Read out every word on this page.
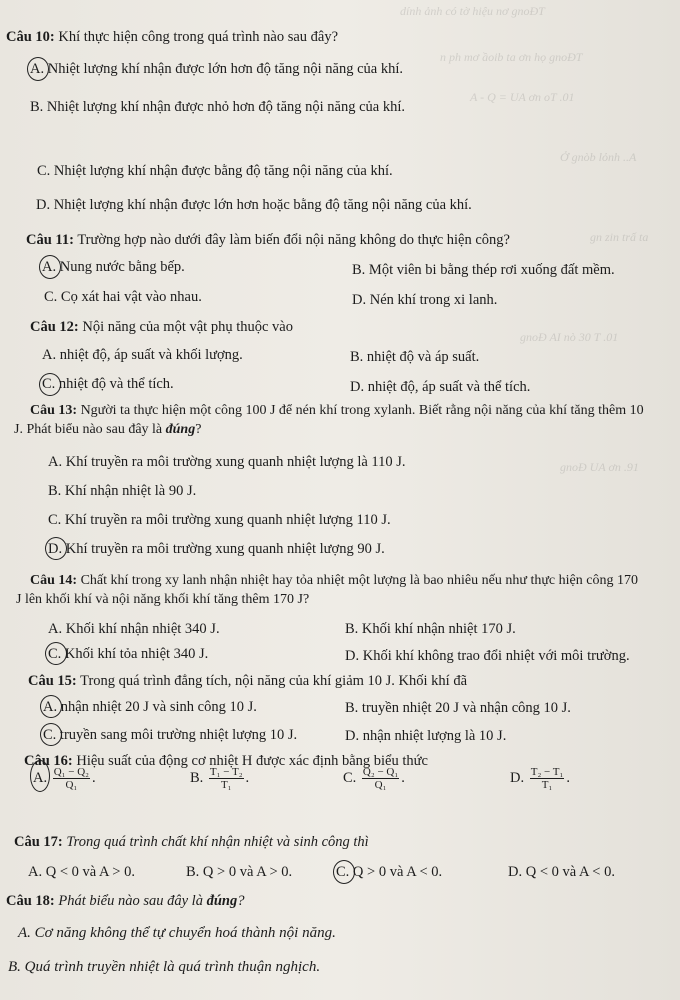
dính ảnh có tờ hiệu nơ gnoĐT
n ph mơ ầoib ta ơn họ gnoĐT
A - Q = UA ơn oT .01
Ở gnòb lỏnh ..A
gn zin trấ ta
gnoĐ AI nò 30 T .01
gnoĐ UA ơn .91
Câu 10: Khí thực hiện công trong quá trình nào sau đây?
A. Nhiệt lượng khí nhận được lớn hơn độ tăng nội năng của khí.
B. Nhiệt lượng khí nhận được nhỏ hơn độ tăng nội năng của khí.
C. Nhiệt lượng khí nhận được bằng độ tăng nội năng của khí.
D. Nhiệt lượng khí nhận được lớn hơn hoặc bằng độ tăng nội năng của khí.
Câu 11: Trường hợp nào dưới đây làm biến đổi nội năng không do thực hiện công?
A. Nung nước bằng bếp.	B. Một viên bi bằng thép rơi xuống đất mềm.
C. Cọ xát hai vật vào nhau.	D. Nén khí trong xi lanh.
Câu 12: Nội năng của một vật phụ thuộc vào
A. nhiệt độ, áp suất và khối lượng.	B. nhiệt độ và áp suất.
C. nhiệt độ và thể tích.	D. nhiệt độ, áp suất và thể tích.
Câu 13: Người ta thực hiện một công 100 J để nén khí trong xylanh. Biết rằng nội năng của khí tăng thêm 10
J. Phát biểu nào sau đây là đúng?
A. Khí truyền ra môi trường xung quanh nhiệt lượng là 110 J.
B. Khí nhận nhiệt là 90 J.
C. Khí truyền ra môi trường xung quanh nhiệt lượng 110 J.
D. Khí truyền ra môi trường xung quanh nhiệt lượng 90 J.
Câu 14: Chất khí trong xy lanh nhận nhiệt hay tỏa nhiệt một lượng là bao nhiêu nếu như thực hiện công 170
J lên khối khí và nội năng khối khí tăng thêm 170 J?
A. Khối khí nhận nhiệt 340 J.	B. Khối khí nhận nhiệt 170 J.
C. Khối khí tỏa nhiệt 340 J.	D. Khối khí không trao đổi nhiệt với môi trường.
Câu 15: Trong quá trình đẳng tích, nội năng của khí giảm 10 J. Khối khí đã
A. nhận nhiệt 20 J và sinh công 10 J.	B. truyền nhiệt 20 J và nhận công 10 J.
C. truyền sang môi trường nhiệt lượng 10 J.	D. nhận nhiệt lượng là 10 J.
Câu 16: Hiệu suất của động cơ nhiệt H được xác định bằng biểu thức
A. $\frac{\text{Q₁ − Q₂}}{\text{Q₁}}$ .	B. $\frac{\text{T₁ − T₂}}{\text{T₁}}$ .	C. $\frac{\text{Q₂ − Q₁}}{\text{Q₁}}$ .	D. $\frac{\text{T₂ − T₁}}{\text{T₁}}$ .
Câu 17: Trong quá trình chất khí nhận nhiệt và sinh công thì
A. Q < 0 và A > 0.	B. Q > 0 và A > 0.	C. Q > 0 và A < 0.	D. Q < 0 và A < 0.
Câu 18: Phát biểu nào sau đây là đúng?
A. Cơ năng không thể tự chuyển hoá thành nội năng.
B. Quá trình truyền nhiệt là quá trình thuận nghịch.
